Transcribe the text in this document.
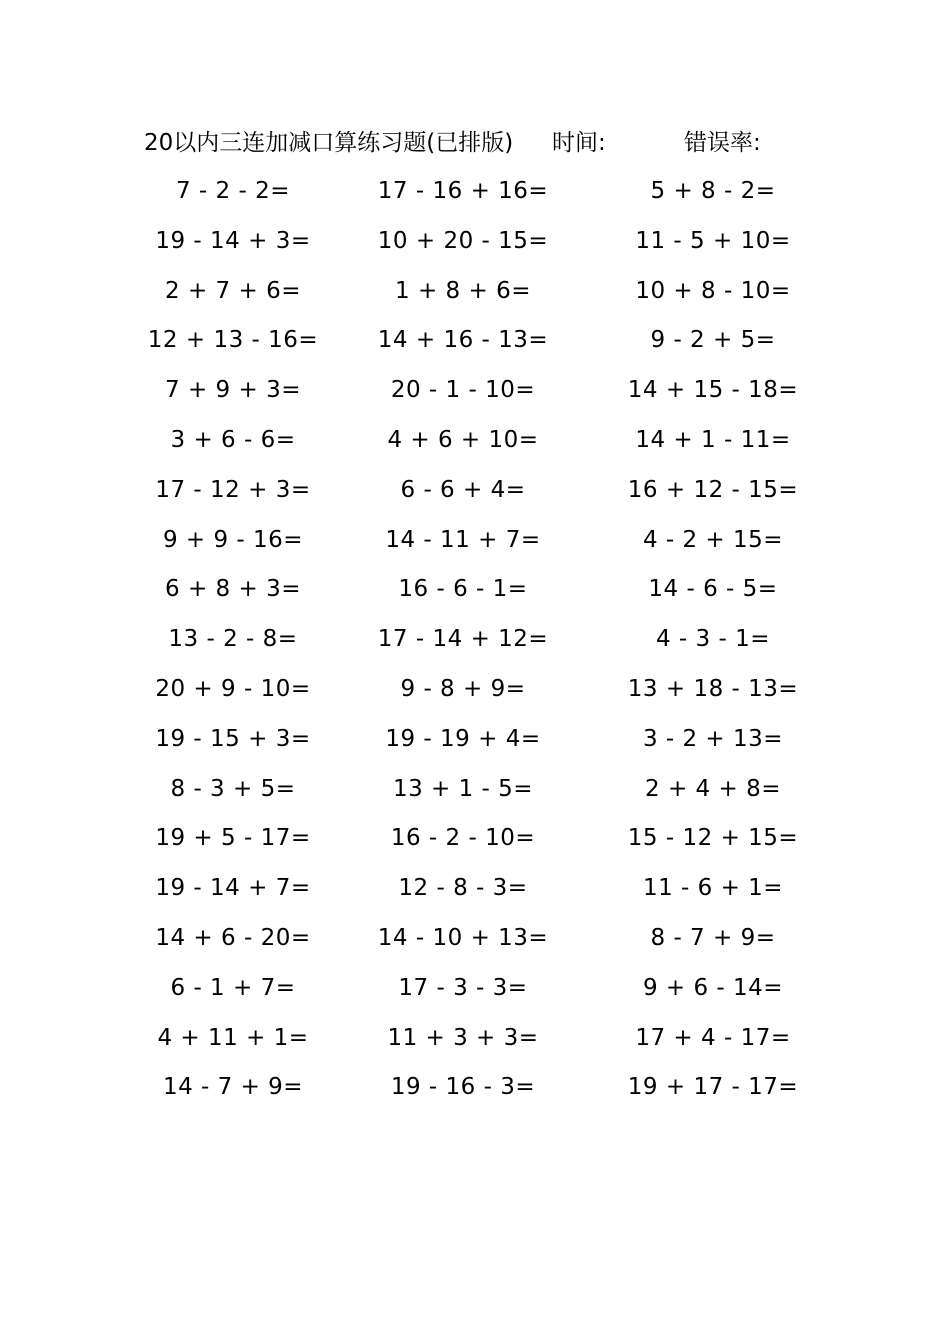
20以内三连加减口算练习题(已排版) 时间:	错误率:
7 - 2 - 2=	17 - 16 + 16=	5 + 8 - 2=
19 - 14 + 3=	10 + 20 - 15=	11 - 5 + 10=
2 + 7 + 6=	1 + 8 + 6=	10 + 8 - 10=
12 + 13 - 16=	14 + 16 - 13=	9 - 2 + 5=
7 + 9 + 3=	20 - 1 - 10=	14 + 15 - 18=
3 + 6 - 6=	4 + 6 + 10=	14 + 1 - 11=
17 - 12 + 3=	6 - 6 + 4=	16 + 12 - 15=
9 + 9 - 16=	14 - 11 + 7=	4 - 2 + 15=
6 + 8 + 3=	16 - 6 - 1=	14 - 6 - 5=
13 - 2 - 8=	17 - 14 + 12=	4 - 3 - 1=
20 + 9 - 10=	9 - 8 + 9=	13 + 18 - 13=
19 - 15 + 3=	19 - 19 + 4=	3 - 2 + 13=
8 - 3 + 5=	13 + 1 - 5=	2 + 4 + 8=
19 + 5 - 17=	16 - 2 - 10=	15 - 12 + 15=
19 - 14 + 7=	12 - 8 - 3=	11 - 6 + 1=
14 + 6 - 20=	14 - 10 + 13=	8 - 7 + 9=
6 - 1 + 7=	17 - 3 - 3=	9 + 6 - 14=
4 + 11 + 1=	11 + 3 + 3=	17 + 4 - 17=
14 - 7 + 9=	19 - 16 - 3=	19 + 17 - 17=
